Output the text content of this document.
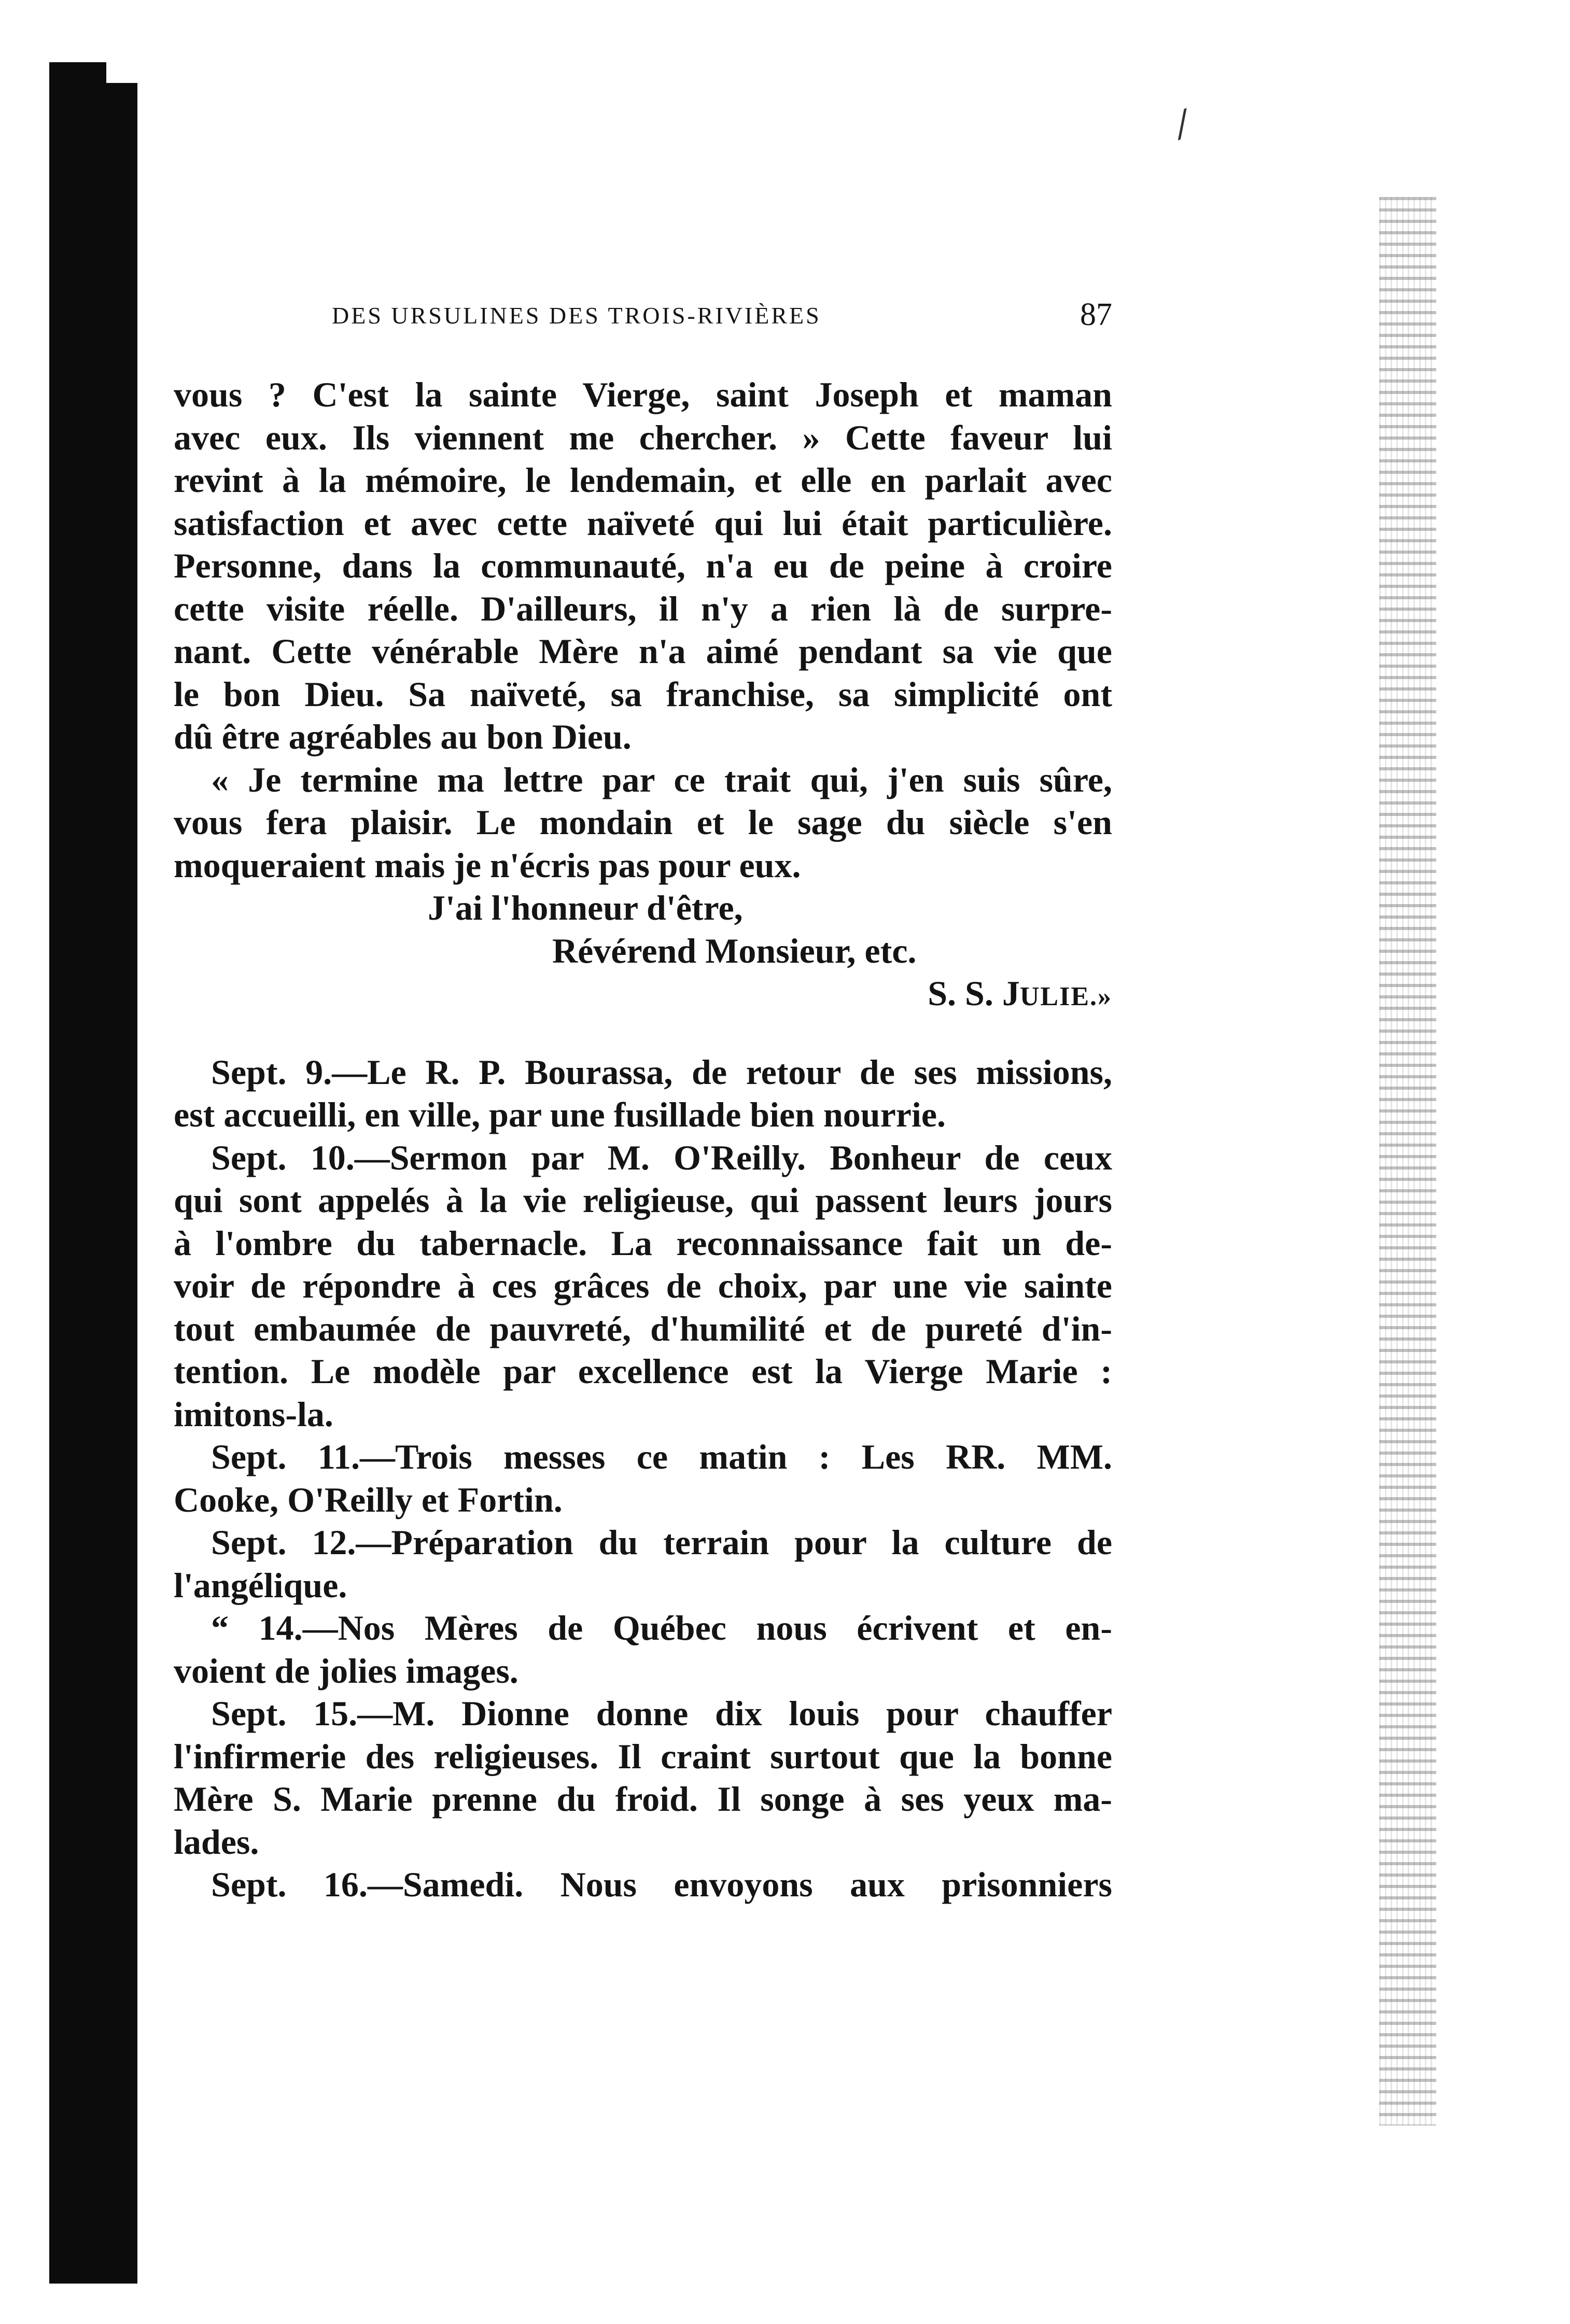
⁄
DES URSULINES DES TROIS-RIVIÈRES	87
vous ? C'est la sainte Vierge, saint Joseph et maman
avec eux. Ils viennent me chercher. » Cette faveur lui
revint à la mémoire, le lendemain, et elle en parlait avec
satisfaction et avec cette naïveté qui lui était particulière.
Personne, dans la communauté, n'a eu de peine à croire
cette visite réelle. D'ailleurs, il n'y a rien là de surpre-
nant. Cette vénérable Mère n'a aimé pendant sa vie que
le bon Dieu. Sa naïveté, sa franchise, sa simplicité ont
dû être agréables au bon Dieu.
« Je termine ma lettre par ce trait qui, j'en suis sûre,
vous fera plaisir. Le mondain et le sage du siècle s'en
moqueraient mais je n'écris pas pour eux.
J'ai l'honneur d'être,
Révérend Monsieur, etc.
S. S. JULIE.»
Sept. 9.—Le R. P. Bourassa, de retour de ses missions,
est accueilli, en ville, par une fusillade bien nourrie.
Sept. 10.—Sermon par M. O'Reilly. Bonheur de ceux
qui sont appelés à la vie religieuse, qui passent leurs jours
à l'ombre du tabernacle. La reconnaissance fait un de-
voir de répondre à ces grâces de choix, par une vie sainte
tout embaumée de pauvreté, d'humilité et de pureté d'in-
tention. Le modèle par excellence est la Vierge Marie :
imitons-la.
Sept. 11.—Trois messes ce matin : Les RR. MM.
Cooke, O'Reilly et Fortin.
Sept. 12.—Préparation du terrain pour la culture de
l'angélique.
“ 14.—Nos Mères de Québec nous écrivent et en-
voient de jolies images.
Sept. 15.—M. Dionne donne dix louis pour chauffer
l'infirmerie des religieuses. Il craint surtout que la bonne
Mère S. Marie prenne du froid. Il songe à ses yeux ma-
lades.
Sept. 16.—Samedi. Nous envoyons aux prisonniers
